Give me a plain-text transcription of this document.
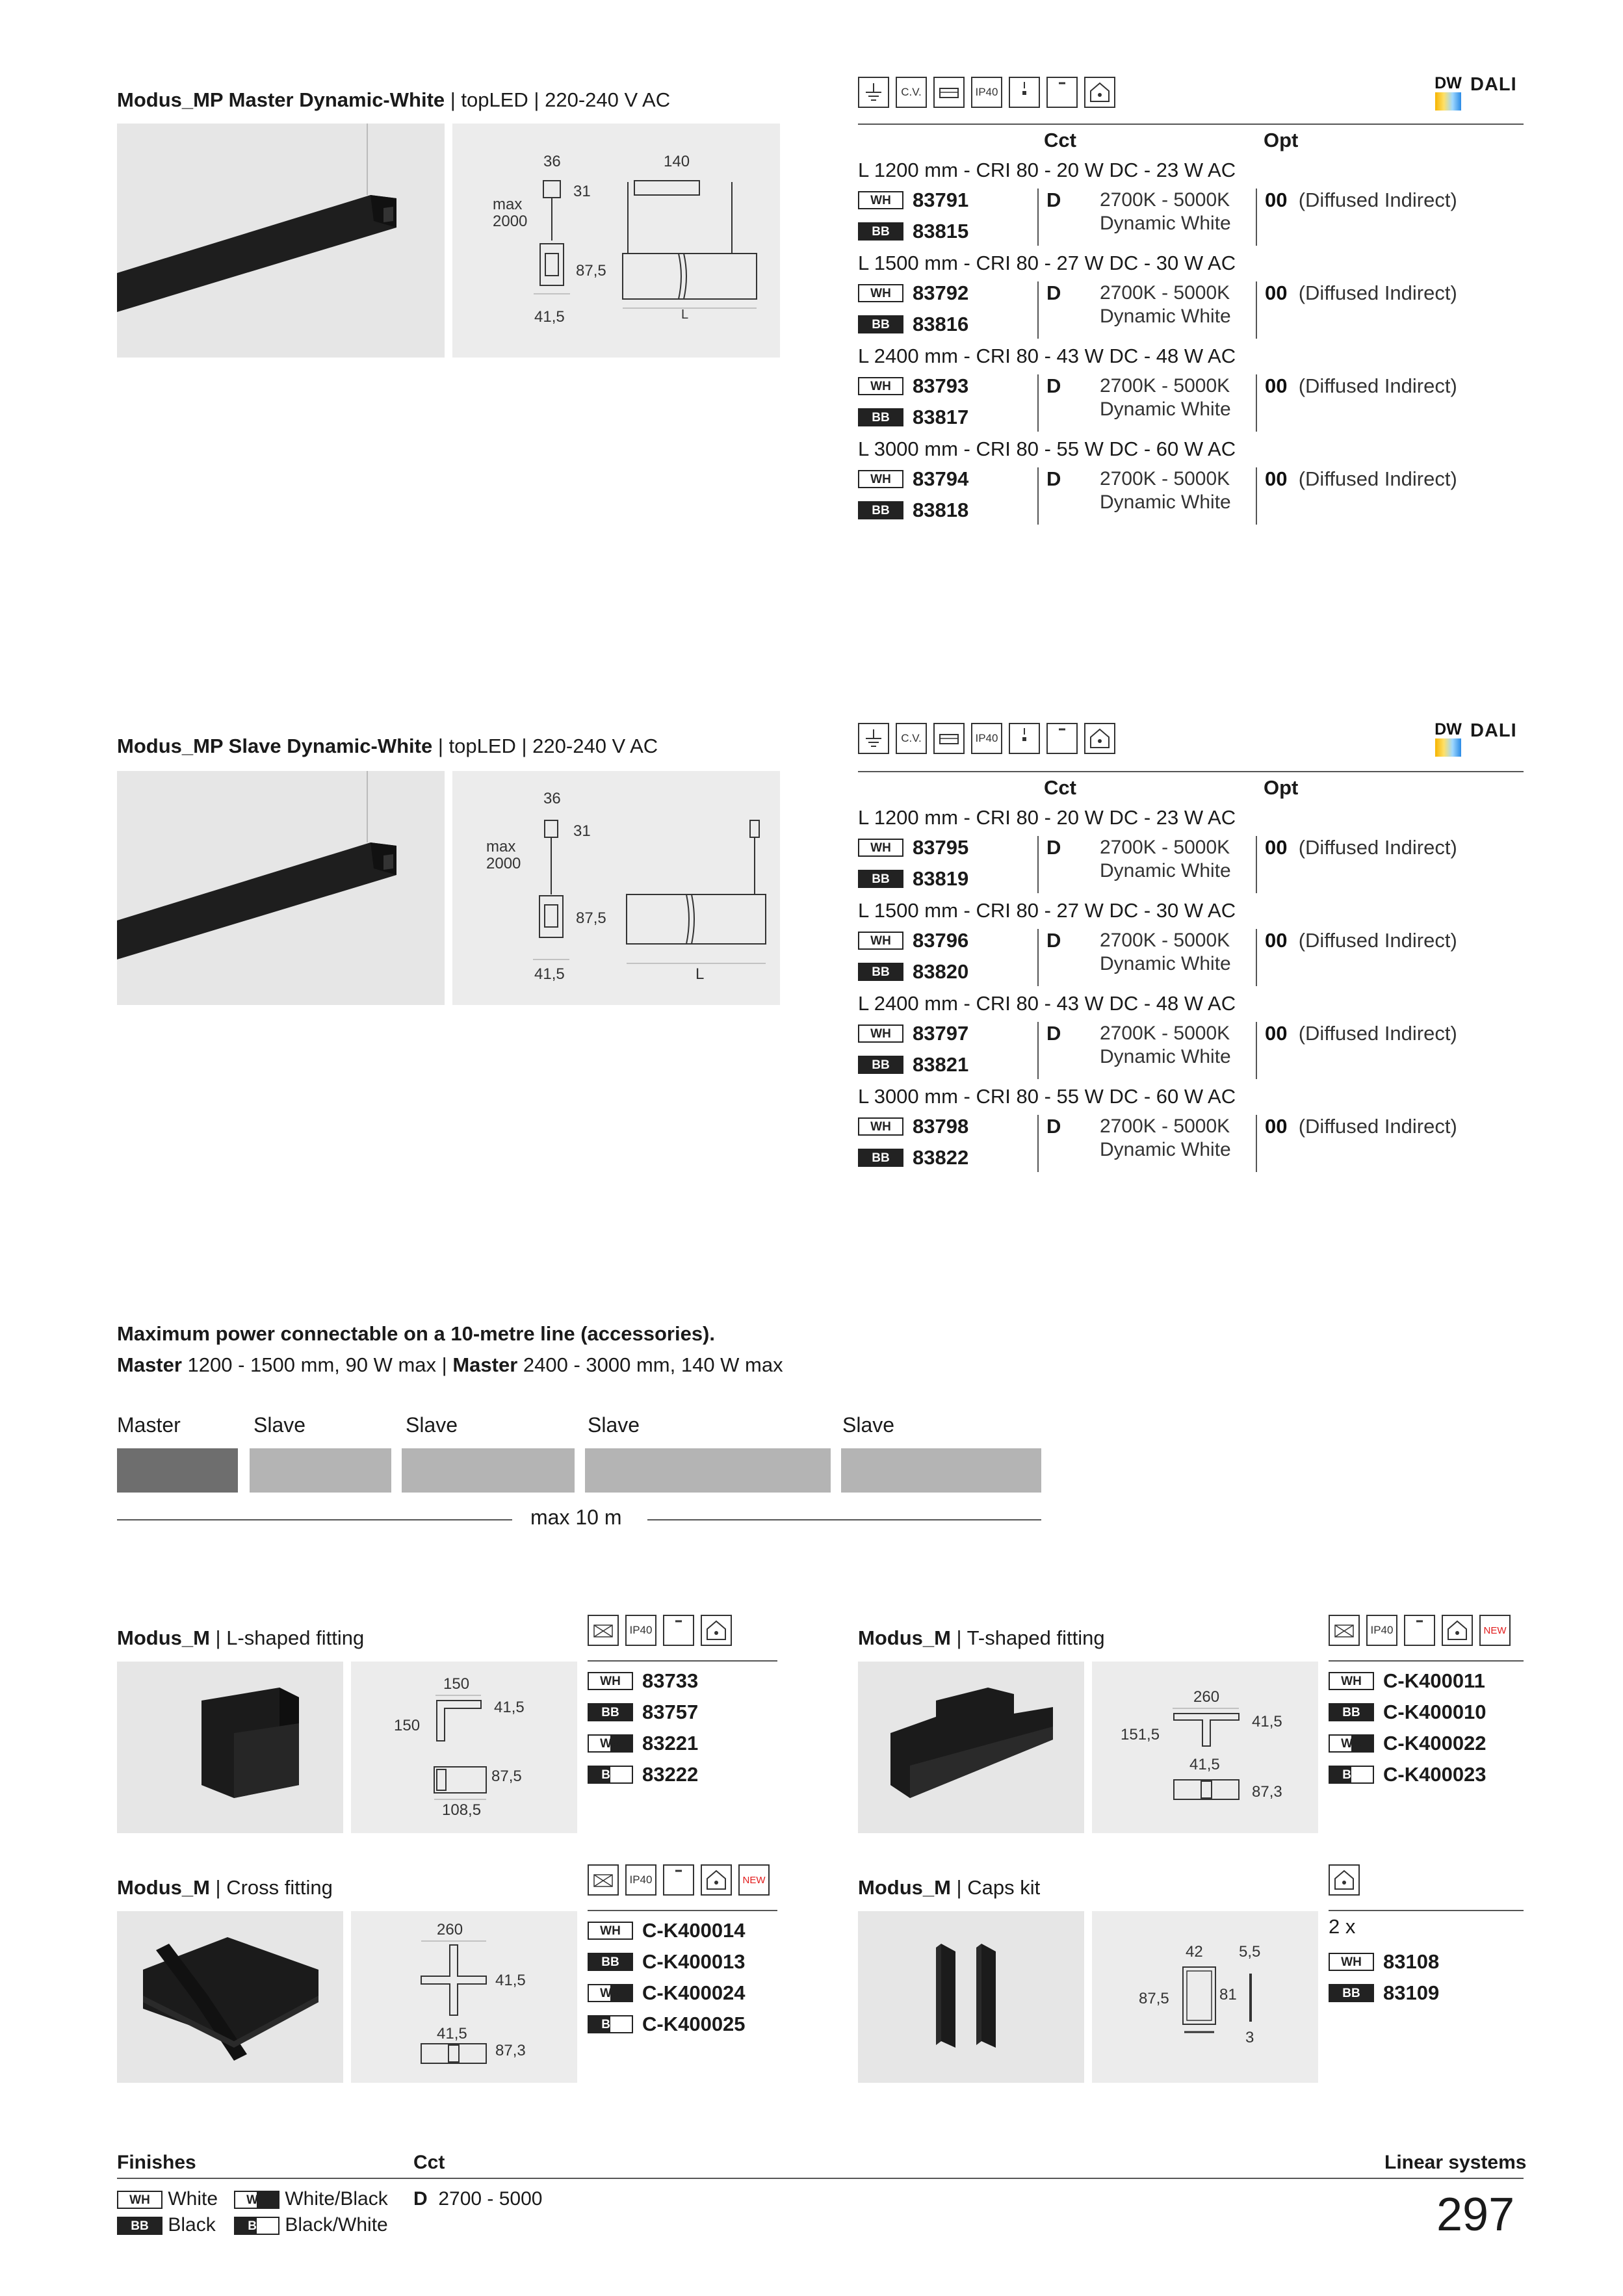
Modus_MP Master Dynamic-White | topLED | 220-240 V AC
36	140
31
max
2000
87,5
41,5	L
C.V.	IP40	DW DALI
Cct	Opt
L 1200 mm - CRI 80 - 20 W DC - 23 W AC
WH 83791
BB 83815
D 2700K - 5000K
Dynamic White
00 (Diffused Indirect)
L 1500 mm - CRI 80 - 27 W DC - 30 W AC
WH 83792
BB 83816
D 2700K - 5000K
Dynamic White
00 (Diffused Indirect)
L 2400 mm - CRI 80 - 43 W DC - 48 W AC
WH 83793
BB 83817
D 2700K - 5000K
Dynamic White
00 (Diffused Indirect)
L 3000 mm - CRI 80 - 55 W DC - 60 W AC
WH 83794
BB 83818
D 2700K - 5000K
Dynamic White
00 (Diffused Indirect)
Modus_MP Slave Dynamic-White | topLED | 220-240 V AC
36
31
max
2000
87,5
41,5	L
C.V.	IP40	DW DALI
Cct	Opt
L 1200 mm - CRI 80 - 20 W DC - 23 W AC
WH 83795
BB 83819
D 2700K - 5000K
Dynamic White
00 (Diffused Indirect)
L 1500 mm - CRI 80 - 27 W DC - 30 W AC
WH 83796
BB 83820
D 2700K - 5000K
Dynamic White
00 (Diffused Indirect)
L 2400 mm - CRI 80 - 43 W DC - 48 W AC
WH 83797
BB 83821
D 2700K - 5000K
Dynamic White
00 (Diffused Indirect)
L 3000 mm - CRI 80 - 55 W DC - 60 W AC
WH 83798
BB 83822
D 2700K - 5000K
Dynamic White
00 (Diffused Indirect)
Maximum power connectable on a 10-metre line (accessories).
Master 1200 - 1500 mm, 90 W max | Master 2400 - 3000 mm, 140 W max
Master	Slave	Slave	Slave	Slave
max 10 m
Modus_M | L-shaped fitting
150
150
41,5
87,5
108,5
IP40
WH 83733
BB 83757
WB 83221
BH 83222
Modus_M | T-shaped fitting
260
151,5
41,5
41,5
87,3
IP40	NEW
WH C-K400011
BB C-K400010
WB C-K400022
BH C-K400023
Modus_M | Cross fitting
260
41,5
41,5
87,3
IP40	NEW
WH C-K400014
BB C-K400013
WB C-K400024
BH C-K400025
Modus_M | Caps kit
42 5,5
87,5	81
3
2 x
WH 83108
BB 83109
Finishes	Cct	Linear systems
WH White	WB White/Black
BB Black	BH Black/White
D 2700 - 5000	297
